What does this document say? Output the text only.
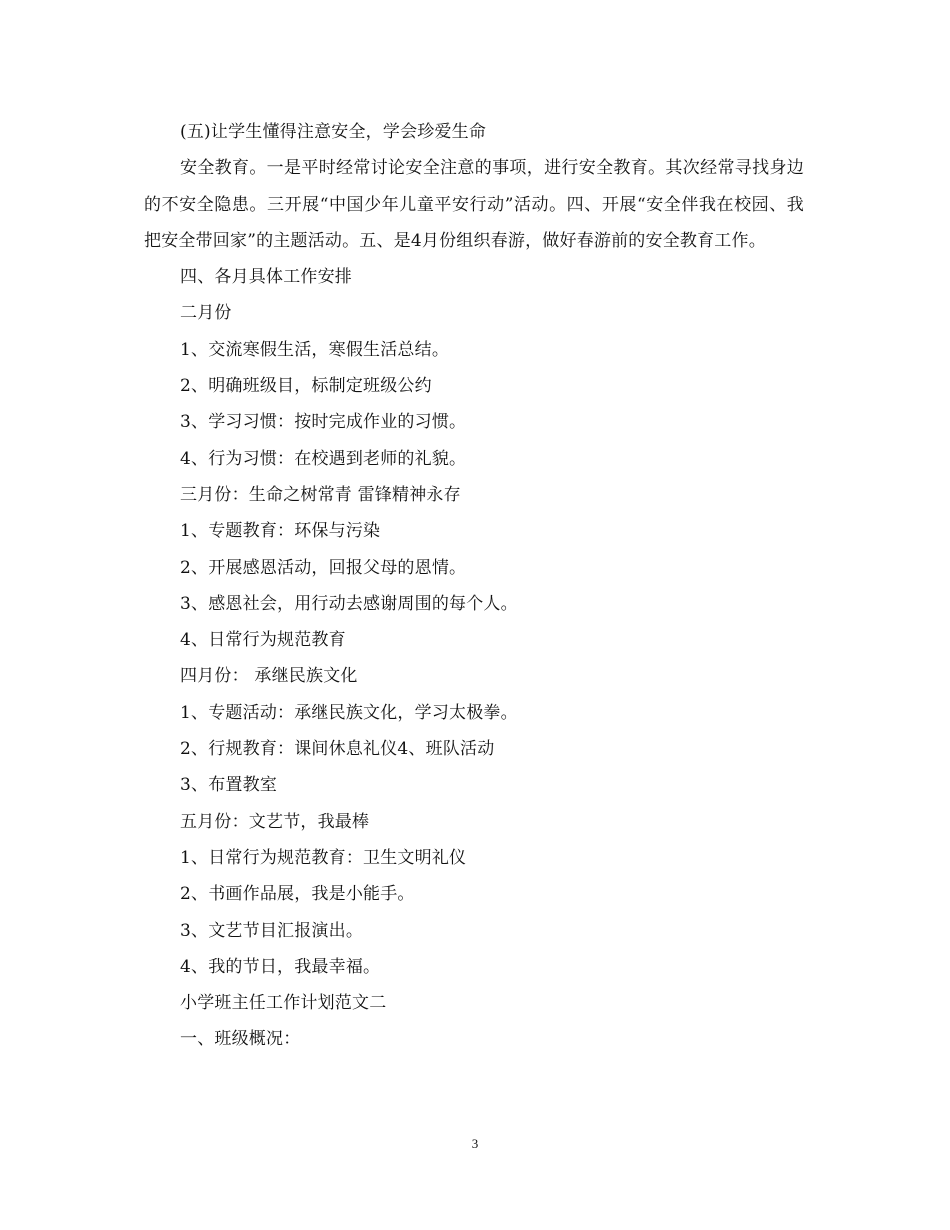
(五)让学生懂得注意安全，学会珍爱生命

安全教育。一是平时经常讨论安全注意的事项，进行安全教育。其次经常寻找身边的不安全隐患。三开展“中国少年儿童平安行动”活动。四、开展“安全伴我在校园、我把安全带回家”的主题活动。五、是4月份组织春游，做好春游前的安全教育工作。

四、各月具体工作安排

二月份

1、交流寒假生活，寒假生活总结。

2、明确班级目，标制定班级公约

3、学习习惯：按时完成作业的习惯。

4、行为习惯：在校遇到老师的礼貌。

三月份：生命之树常青 雷锋精神永存

1、专题教育：环保与污染

2、开展感恩活动，回报父母的恩情。

3、感恩社会，用行动去感谢周围的每个人。

4、日常行为规范教育

四月份： 承继民族文化

1、专题活动：承继民族文化，学习太极拳。

2、行规教育：课间休息礼仪4、班队活动

3、布置教室

五月份：文艺节，我最棒

1、日常行为规范教育：卫生文明礼仪

2、书画作品展，我是小能手。

3、文艺节目汇报演出。

4、我的节日，我最幸福。

小学班主任工作计划范文二

一、班级概况：

3
